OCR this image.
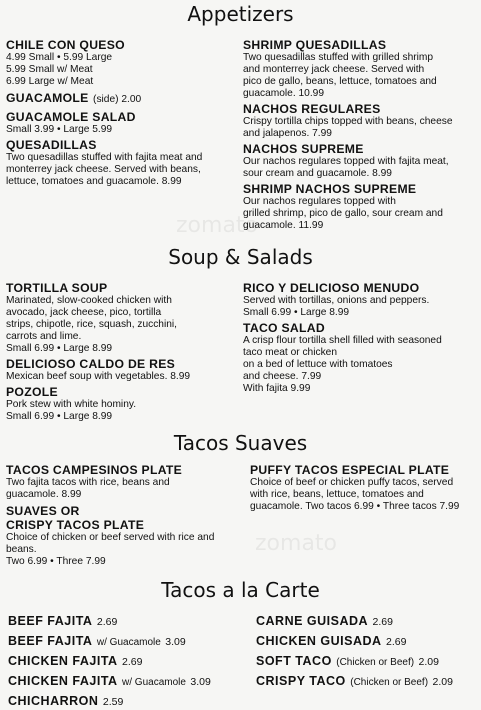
Appetizers
CHILE CON QUESO
4.99 Small • 5.99 Large
5.99 Small w/ Meat
6.99 Large w/ Meat
GUACAMOLE (side) 2.00
GUACAMOLE SALAD
Small 3.99 • Large 5.99
QUESADILLAS
Two quesadillas stuffed with fajita meat and
monterrey jack cheese. Served with beans,
lettuce, tomatoes and guacamole. 8.99
SHRIMP QUESADILLAS
Two quesadillas stuffed with grilled shrimp
and monterrey jack cheese. Served with
pico de gallo, beans, lettuce, tomatoes and
guacamole. 10.99
NACHOS REGULARES
Crispy tortilla chips topped with beans, cheese
and jalapenos. 7.99
NACHOS SUPREME
Our nachos regulares topped with fajita meat,
sour cream and guacamole. 8.99
SHRIMP NACHOS SUPREME
Our nachos regulares topped with
grilled shrimp, pico de gallo, sour cream and
guacamole. 11.99
Soup & Salads
TORTILLA SOUP
Marinated, slow-cooked chicken with
avocado, jack cheese, pico, tortilla
strips, chipotle, rice, squash, zucchini,
carrots and lime.
Small 6.99 • Large 8.99
DELICIOSO CALDO DE RES
Mexican beef soup with vegetables. 8.99
POZOLE
Pork stew with white hominy.
Small 6.99 • Large 8.99
RICO Y DELICIOSO MENUDO
Served with tortillas, onions and peppers.
Small 6.99 • Large 8.99
TACO SALAD
A crisp flour tortilla shell filled with seasoned
taco meat or chicken
on a bed of lettuce with tomatoes
and cheese. 7.99
With fajita 9.99
Tacos Suaves
TACOS CAMPESINOS PLATE
Two fajita tacos with rice, beans and
guacamole. 8.99
SUAVES OR
CRISPY TACOS PLATE
Choice of chicken or beef served with rice and
beans.
Two 6.99 • Three 7.99
PUFFY TACOS ESPECIAL PLATE
Choice of beef or chicken puffy tacos, served
with rice, beans, lettuce, tomatoes and
guacamole. Two tacos 6.99 • Three tacos 7.99
Tacos a la Carte
BEEF FAJITA 2.69
BEEF FAJITA w/ Guacamole 3.09
CHICKEN FAJITA 2.69
CHICKEN FAJITA w/ Guacamole 3.09
CHICHARRON 2.59
CARNE GUISADA 2.69
CHICKEN GUISADA 2.69
SOFT TACO (Chicken or Beef) 2.09
CRISPY TACO (Chicken or Beef) 2.09
zomato
zomato
